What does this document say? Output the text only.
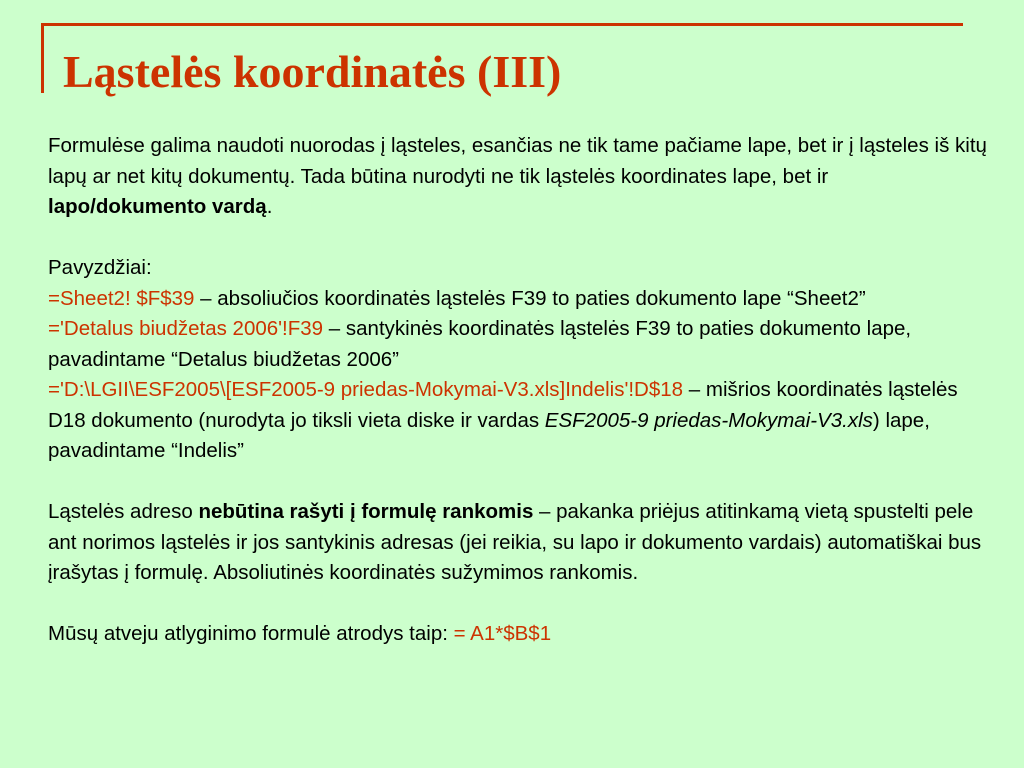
Ląstelės koordinatės (III)

Formulėse galima naudoti nuorodas į ląsteles, esančias ne tik tame pačiame lape, bet ir į ląsteles iš kitų lapų ar net kitų dokumentų. Tada būtina nurodyti ne tik ląstelės koordinates lape, bet ir lapo/dokumento vardą.

Pavyzdžiai:

=Sheet2! $F$39 – absoliučios koordinatės ląstelės F39 to paties dokumento lape “Sheet2”

='Detalus biudžetas 2006'!F39 – santykinės koordinatės ląstelės F39 to paties dokumento lape, pavadintame “Detalus biudžetas 2006”

='D:\LGII\ESF2005\[ESF2005-9 priedas-Mokymai-V3.xls]Indelis'!D$18 – mišrios koordinatės ląstelės D18 dokumento (nurodyta jo tiksli vieta diske ir vardas ESF2005-9 priedas-Mokymai-V3.xls) lape, pavadintame “Indelis”

Ląstelės adreso nebūtina rašyti į formulę rankomis – pakanka priėjus atitinkamą vietą spustelti pele ant norimos ląstelės ir jos santykinis adresas (jei reikia, su lapo ir dokumento vardais) automatiškai bus įrašytas į formulę. Absoliutinės koordinatės sužymimos rankomis.

Mūsų atveju atlyginimo formulė atrodys taip: = A1*$B$1
